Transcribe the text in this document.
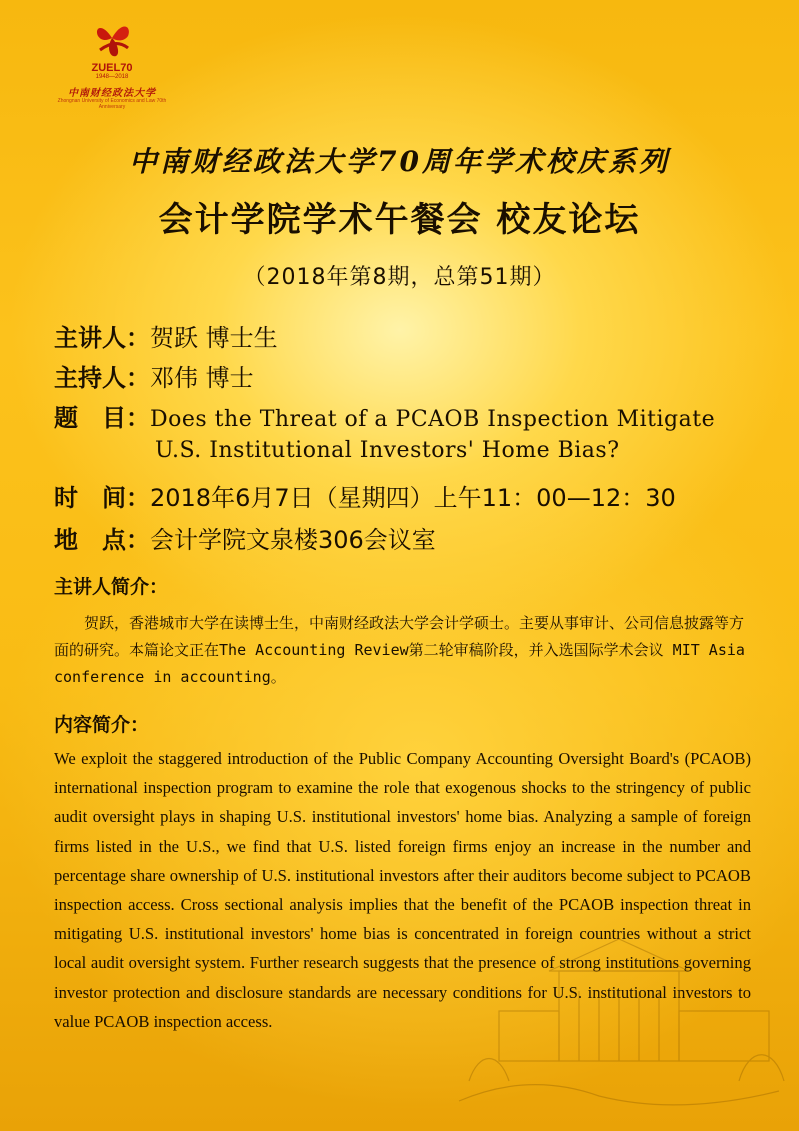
ZUEL70
1948—2018
中南财经政法大学
Zhongnan University of Economics and Law 70th Anniversary
中南财经政法大学70周年学术校庆系列
会计学院学术午餐会 校友论坛
（2018年第8期，总第51期）
主讲人：贺跃 博士生
主持人：邓伟 博士
题　目：Does the Threat of a PCAOB Inspection Mitigate
U.S. Institutional Investors' Home Bias?
时　间：2018年6月7日（星期四）上午11：00—12：30
地　点：会计学院文泉楼306会议室
主讲人简介：
贺跃，香港城市大学在读博士生，中南财经政法大学会计学硕士。主要从事审计、公司信息披露等方面的研究。本篇论文正在The Accounting Review第二轮审稿阶段，并入选国际学术会议 MIT Asia conference in accounting。
内容简介：
We exploit the staggered introduction of the Public Company Accounting Oversight Board's (PCAOB) international inspection program to examine the role that exogenous shocks to the stringency of public audit oversight plays in shaping U.S. institutional investors' home bias. Analyzing a sample of foreign firms listed in the U.S., we find that U.S. listed foreign firms enjoy an increase in the number and percentage share ownership of U.S. institutional investors after their auditors become subject to PCAOB inspection access. Cross sectional analysis implies that the benefit of the PCAOB inspection threat in mitigating U.S. institutional investors' home bias is concentrated in foreign countries without a strict local audit oversight system. Further research suggests that the presence of strong institutions governing investor protection and disclosure standards are necessary conditions for U.S. institutional investors to value PCAOB inspection access.
